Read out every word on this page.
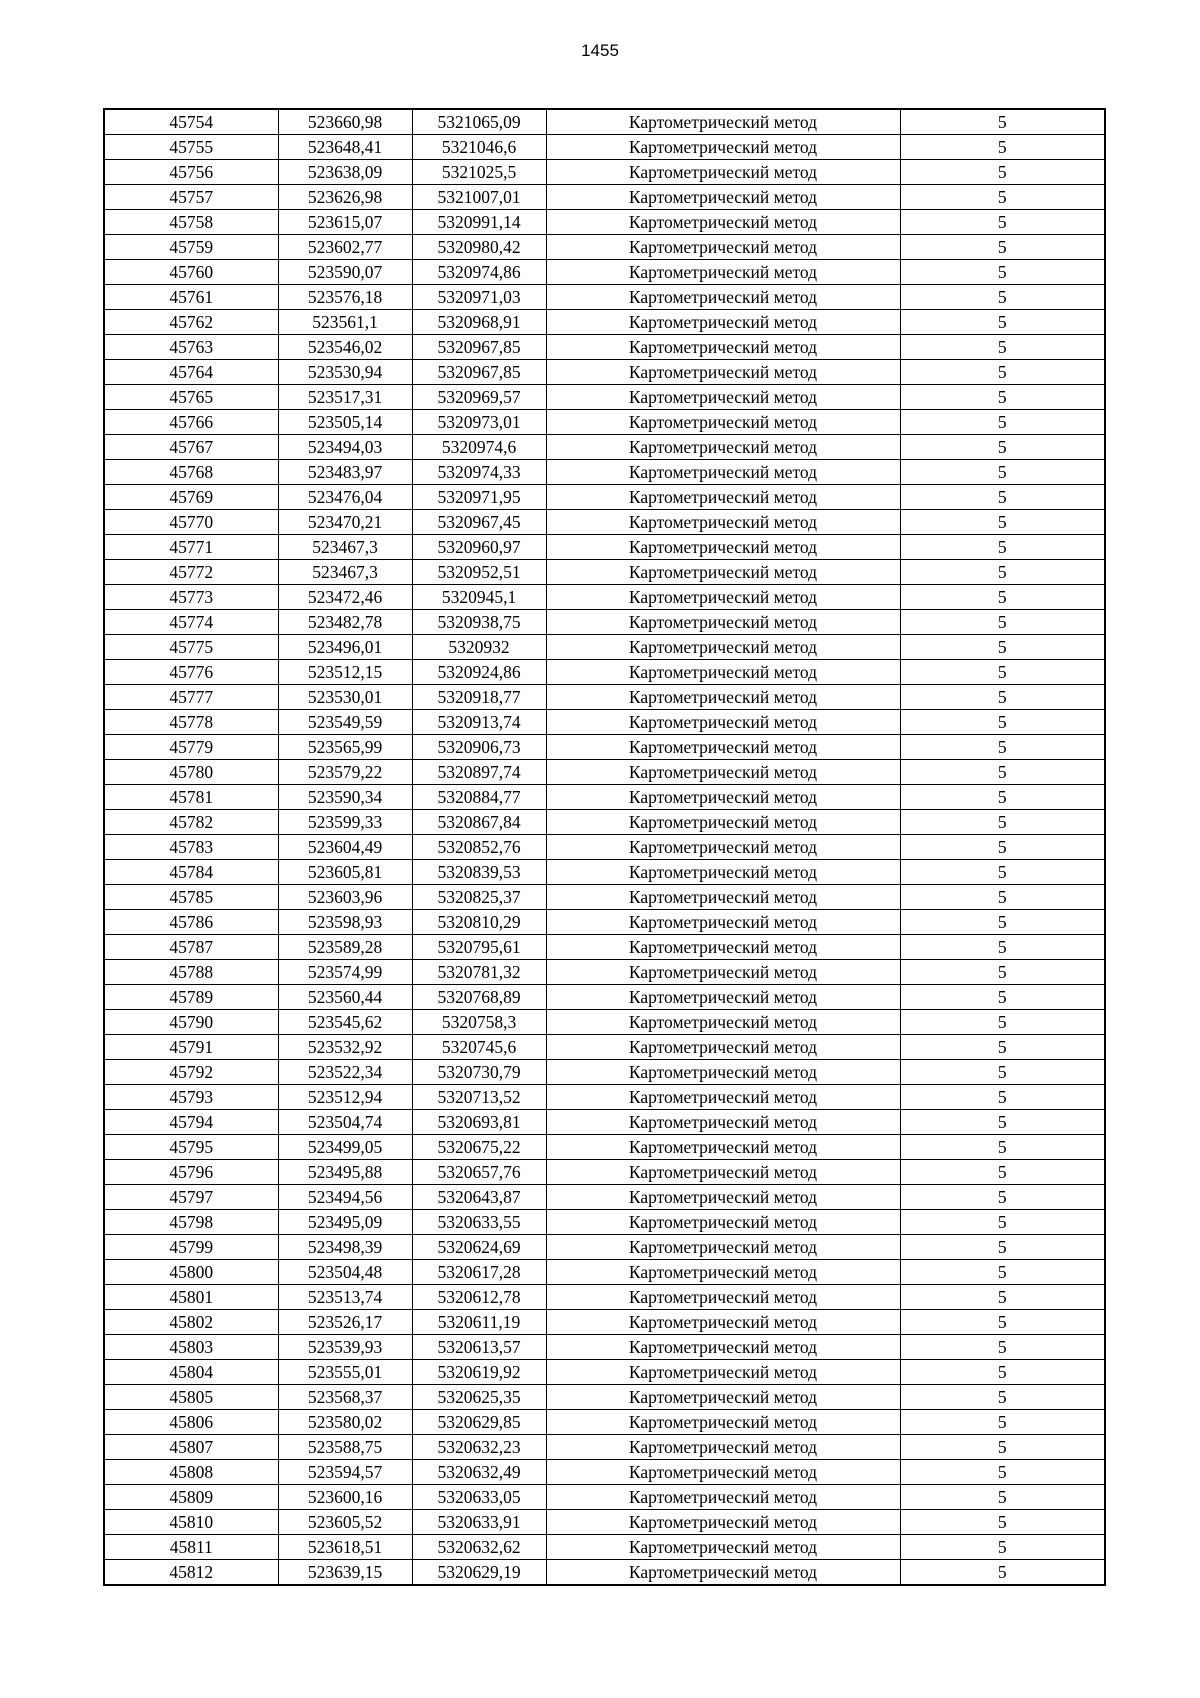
1455
45754	523660,98	5321065,09	Картометрический метод	5
45755	523648,41	5321046,6	Картометрический метод	5
45756	523638,09	5321025,5	Картометрический метод	5
45757	523626,98	5321007,01	Картометрический метод	5
45758	523615,07	5320991,14	Картометрический метод	5
45759	523602,77	5320980,42	Картометрический метод	5
45760	523590,07	5320974,86	Картометрический метод	5
45761	523576,18	5320971,03	Картометрический метод	5
45762	523561,1	5320968,91	Картометрический метод	5
45763	523546,02	5320967,85	Картометрический метод	5
45764	523530,94	5320967,85	Картометрический метод	5
45765	523517,31	5320969,57	Картометрический метод	5
45766	523505,14	5320973,01	Картометрический метод	5
45767	523494,03	5320974,6	Картометрический метод	5
45768	523483,97	5320974,33	Картометрический метод	5
45769	523476,04	5320971,95	Картометрический метод	5
45770	523470,21	5320967,45	Картометрический метод	5
45771	523467,3	5320960,97	Картометрический метод	5
45772	523467,3	5320952,51	Картометрический метод	5
45773	523472,46	5320945,1	Картометрический метод	5
45774	523482,78	5320938,75	Картометрический метод	5
45775	523496,01	5320932	Картометрический метод	5
45776	523512,15	5320924,86	Картометрический метод	5
45777	523530,01	5320918,77	Картометрический метод	5
45778	523549,59	5320913,74	Картометрический метод	5
45779	523565,99	5320906,73	Картометрический метод	5
45780	523579,22	5320897,74	Картометрический метод	5
45781	523590,34	5320884,77	Картометрический метод	5
45782	523599,33	5320867,84	Картометрический метод	5
45783	523604,49	5320852,76	Картометрический метод	5
45784	523605,81	5320839,53	Картометрический метод	5
45785	523603,96	5320825,37	Картометрический метод	5
45786	523598,93	5320810,29	Картометрический метод	5
45787	523589,28	5320795,61	Картометрический метод	5
45788	523574,99	5320781,32	Картометрический метод	5
45789	523560,44	5320768,89	Картометрический метод	5
45790	523545,62	5320758,3	Картометрический метод	5
45791	523532,92	5320745,6	Картометрический метод	5
45792	523522,34	5320730,79	Картометрический метод	5
45793	523512,94	5320713,52	Картометрический метод	5
45794	523504,74	5320693,81	Картометрический метод	5
45795	523499,05	5320675,22	Картометрический метод	5
45796	523495,88	5320657,76	Картометрический метод	5
45797	523494,56	5320643,87	Картометрический метод	5
45798	523495,09	5320633,55	Картометрический метод	5
45799	523498,39	5320624,69	Картометрический метод	5
45800	523504,48	5320617,28	Картометрический метод	5
45801	523513,74	5320612,78	Картометрический метод	5
45802	523526,17	5320611,19	Картометрический метод	5
45803	523539,93	5320613,57	Картометрический метод	5
45804	523555,01	5320619,92	Картометрический метод	5
45805	523568,37	5320625,35	Картометрический метод	5
45806	523580,02	5320629,85	Картометрический метод	5
45807	523588,75	5320632,23	Картометрический метод	5
45808	523594,57	5320632,49	Картометрический метод	5
45809	523600,16	5320633,05	Картометрический метод	5
45810	523605,52	5320633,91	Картометрический метод	5
45811	523618,51	5320632,62	Картометрический метод	5
45812	523639,15	5320629,19	Картометрический метод	5
